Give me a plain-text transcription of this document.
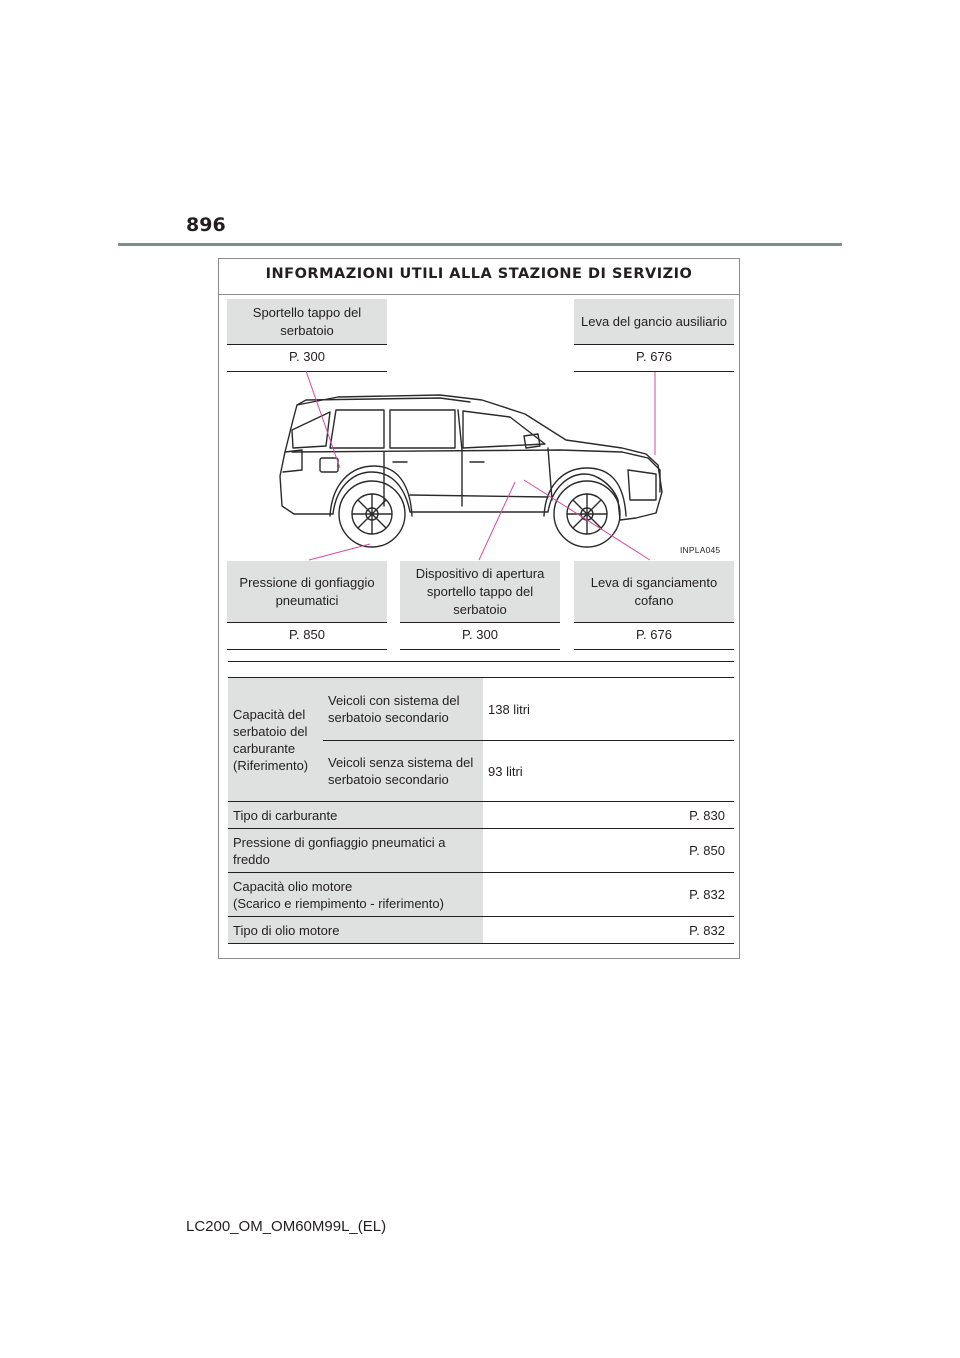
896
INFORMAZIONI UTILI ALLA STAZIONE DI SERVIZIO
Sportello tappo del serbatoio
P. 300
Leva del gancio ausiliario
P. 676
INPLA045
Pressione di gonfiaggio pneumatici
P. 850
Dispositivo di apertura sportello tappo del serbatoio
P. 300
Leva di sganciamento cofano
P. 676
Capacità del serbatoio del carburante (Riferimento)	Veicoli con sistema del serbatoio secondario	138 litri
	Veicoli senza sistema del serbatoio secondario	93 litri
Tipo di carburante		P. 830
Pressione di gonfiaggio pneumatici a freddo		P. 850
Capacità olio motore
(Scarico e riempimento - riferimento)		P. 832
Tipo di olio motore		P. 832
LC200_OM_OM60M99L_(EL)
